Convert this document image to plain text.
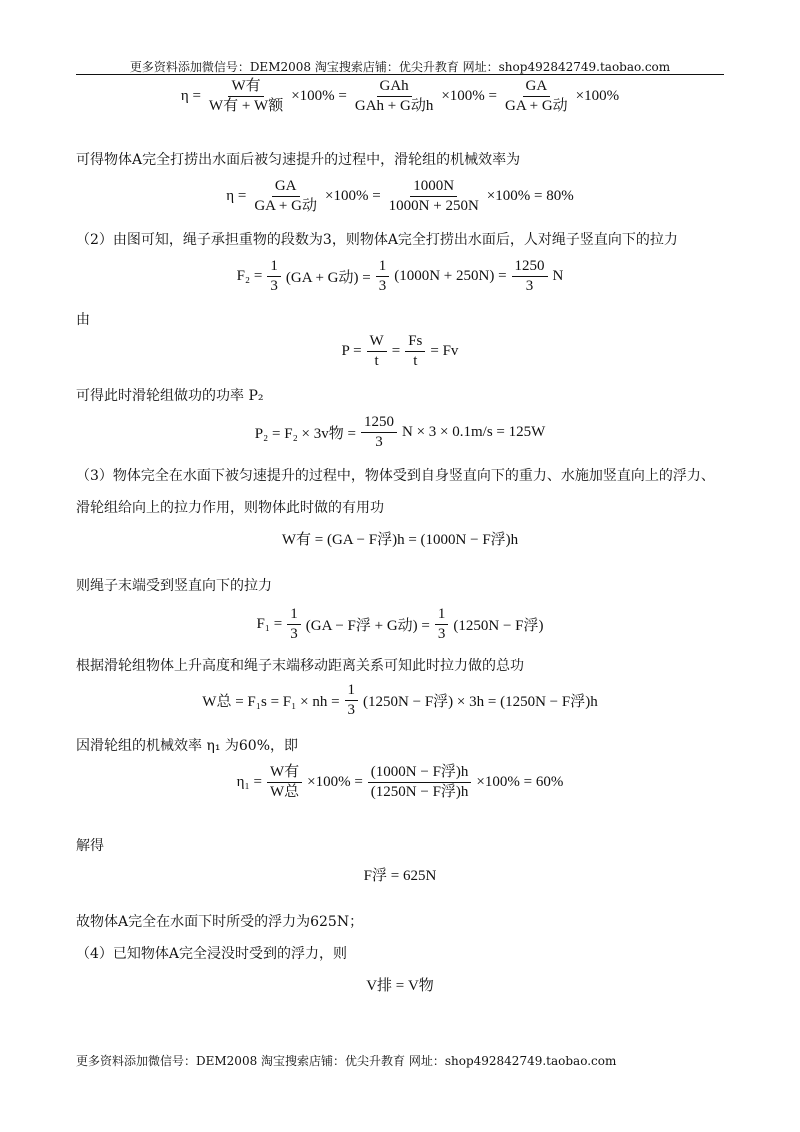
更多资料添加微信号：DEM2008 淘宝搜索店铺：优尖升教育 网址：shop492842749.taobao.com
$\eta = \frac{\text{W有}}{\text{W有 + W额}} \times 100\% = \frac{\text{GAh}}{\text{GAh + G动h}} \times 100\% = \frac{GA}{\text{GA + G动}} \times 100\%$
可得物体A完全打捞出水面后被匀速提升的过程中，滑轮组的机械效率为
$\eta = \frac{GA}{\text{GA + G动}} \times 100\% = \frac{1000N}{1000N + 250N} \times 100\% = 80\%$
（2）由图可知，绳子承担重物的段数为3，则物体A完全打捞出水面后，人对绳子竖直向下的拉力
$F_2 = \frac{1}{3} (GA + G$动) = $\frac{1}{3} (1000N + 250N) = \frac{1250}{3}$ N
由
$P = \frac{W}{t} = \frac{Fs}{t} = Fv$
可得此时滑轮组做功的功率 P₂
P₂ = F₂ × 3v物 = $\frac{1250}{3}$ N × 3 × 0.1m/s = 125W
（3）物体完全在水面下被匀速提升的过程中，物体受到自身竖直向下的重力、水施加竖直向上的浮力、
滑轮组给向上的拉力作用，则物体此时做的有用功
W有 = (GA − F浮)h = (1000N − F浮)h
则绳子末端受到竖直向下的拉力
$F_1 = \frac{1}{3} (GA - F$浮 + G动) = $\frac{1}{3} (1250N - F$浮)
根据滑轮组物体上升高度和绳子末端移动距离关系可知此时拉力做的总功
W总 = F₁s = F₁ × nh = $\frac{1}{3} (1250N - F$浮) × 3h = (1250N − F浮)h
因滑轮组的机械效率 η₁ 为60%，即
$\eta_1 = \frac{\text{W有}}{\text{W总}} \times 100\% = \frac{\text{(1000N − F浮)h}}{\text{(1250N − F浮)h}} \times 100\% = 60\%$
解得
F浮 = 625N
故物体A完全在水面下时所受的浮力为625N；
（4）已知物体A完全浸没时受到的浮力，则
V排 = V物
更多资料添加微信号：DEM2008 淘宝搜索店铺：优尖升教育 网址：shop492842749.taobao.com
